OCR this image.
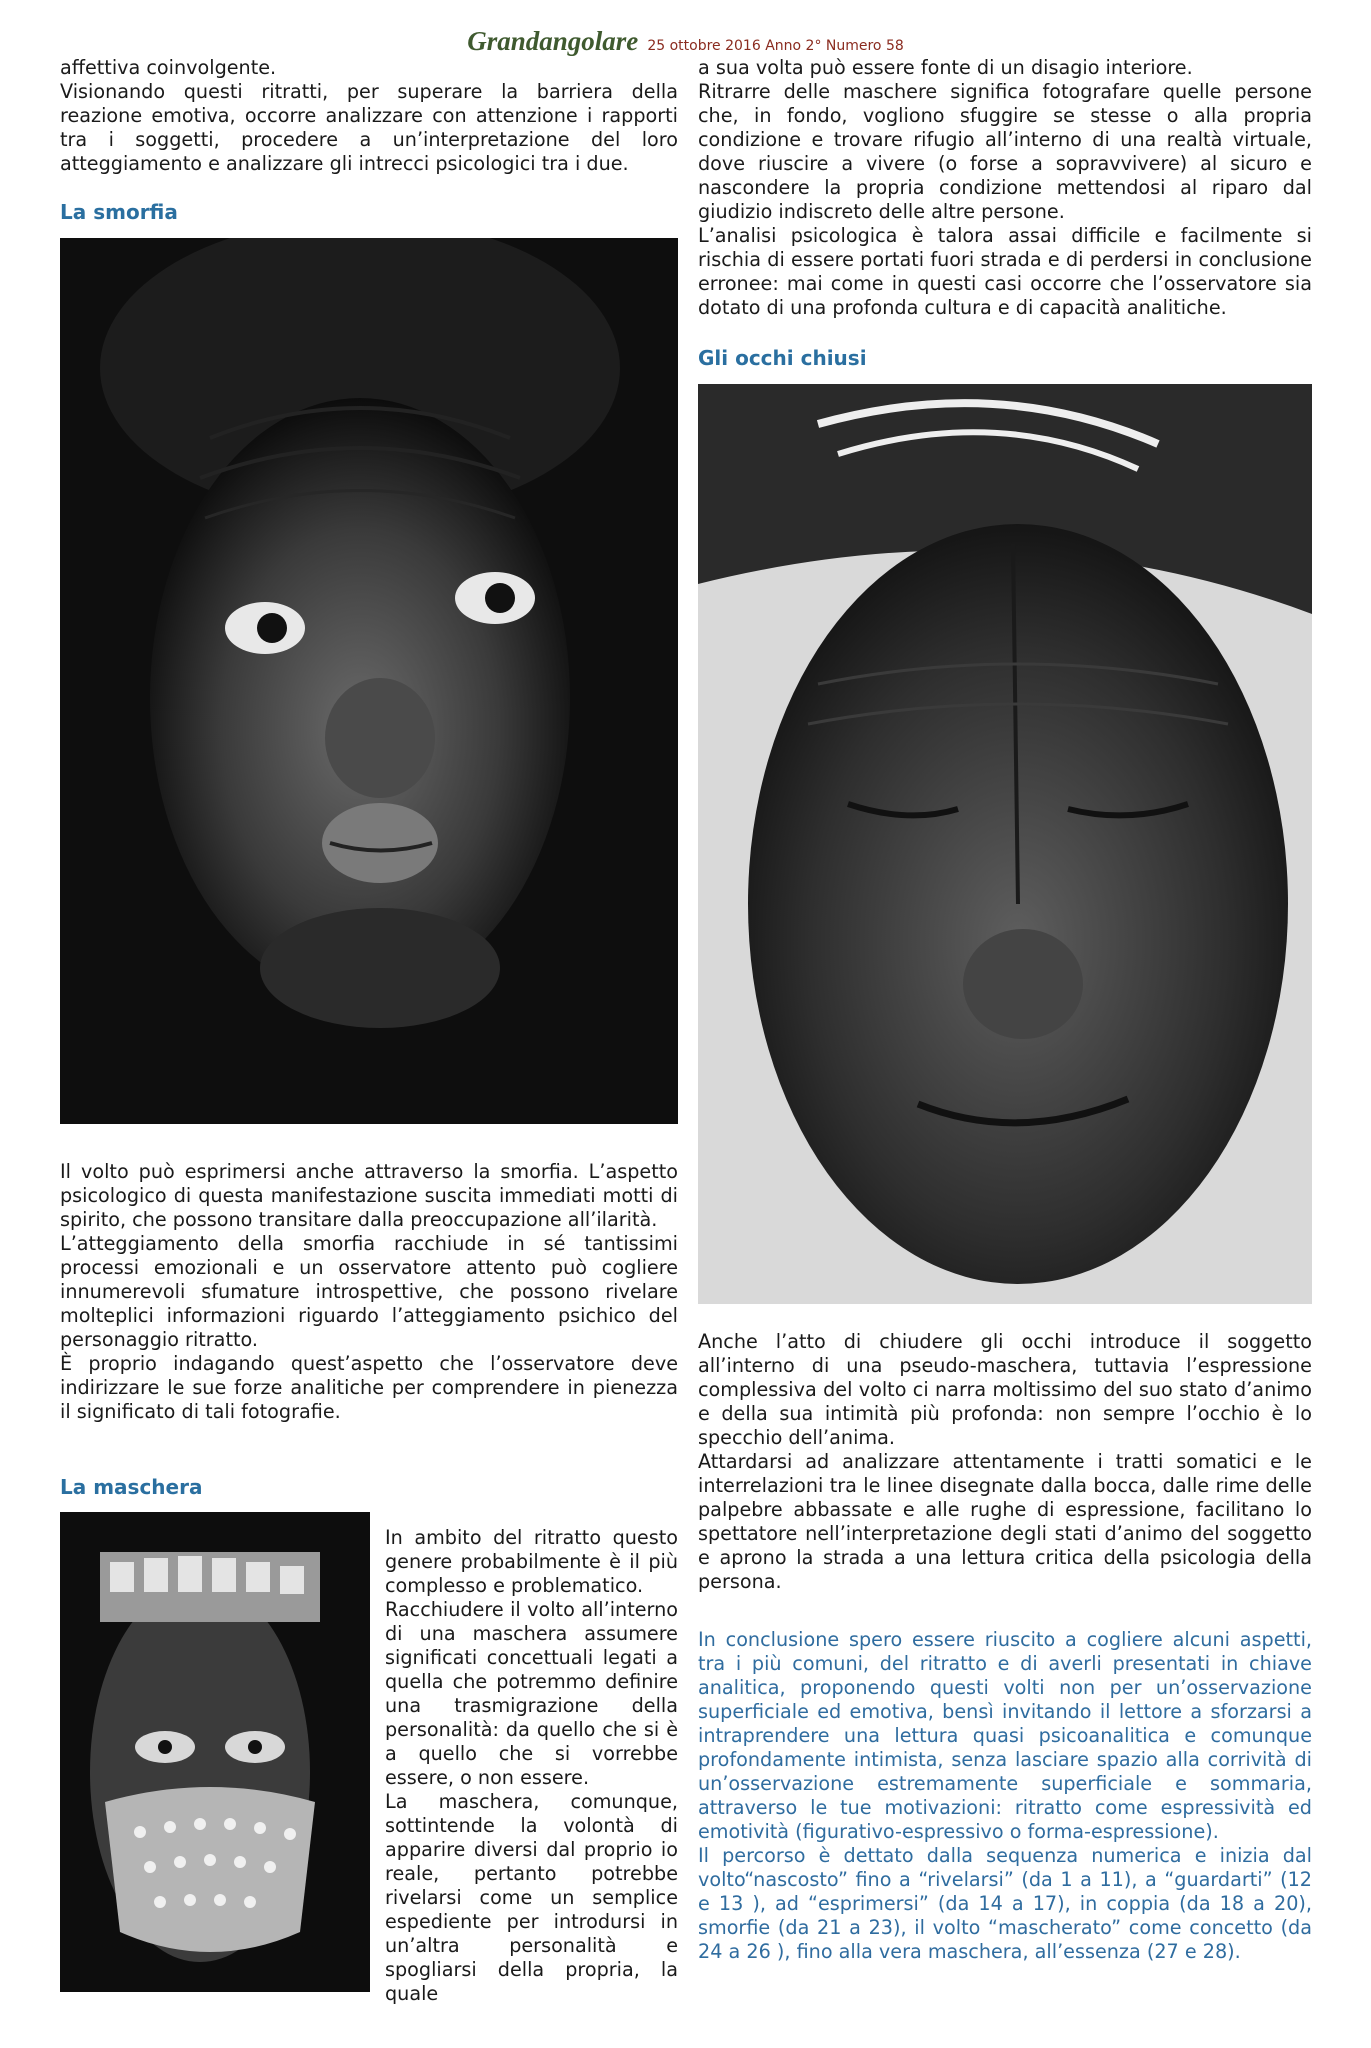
Grandangolare 25 ottobre 2016 Anno 2° Numero 58

affettiva coinvolgente.

Visionando questi ritratti, per superare la barriera della reazione emotiva, occorre analizzare con attenzione i rapporti tra i soggetti, procedere a un’interpretazione del loro atteggiamento e analizzare gli intrecci psicologici tra i due.

La smorfia

Il volto può esprimersi anche attraverso la smorfia. L’aspetto psicologico di questa manifestazione suscita immediati motti di spirito, che possono transitare dalla preoccupazione all’ilarità.

L’atteggiamento della smorfia racchiude in sé tantissimi processi emozionali e un osservatore attento può cogliere innumerevoli sfumature introspettive, che possono rivelare molteplici informazioni riguardo l’atteggiamento psichico del personaggio ritratto.

È proprio indagando quest’aspetto che l’osservatore deve indirizzare le sue forze analitiche per comprendere in pienezza il significato di tali fotografie.

La maschera

In ambito del ritratto questo genere probabilmente è il più complesso e problematico.

Racchiudere il volto all’interno di una maschera assumere significati concettuali legati a quella che potremmo definire una trasmigrazione della personalità: da quello che si è a quello che si vorrebbe essere, o non essere.

La maschera, comunque, sottintende la volontà di apparire diversi dal proprio io reale, pertanto potrebbe rivelarsi come un semplice espediente per introdursi in un’altra personalità e spogliarsi della propria, la quale

a sua volta può essere fonte di un disagio interiore.

Ritrarre delle maschere significa fotografare quelle persone che, in fondo, vogliono sfuggire se stesse o alla propria condizione e trovare rifugio all’interno di una realtà virtuale, dove riuscire a vivere (o forse a sopravvivere) al sicuro e nascondere la propria condizione mettendosi al riparo dal giudizio indiscreto delle altre persone.

L’analisi psicologica è talora assai difficile e facilmente si rischia di essere portati fuori strada e di perdersi in conclusione erronee: mai come in questi casi occorre che l’osservatore sia dotato di una profonda cultura e di capacità analitiche.

Gli occhi chiusi

Anche l’atto di chiudere gli occhi introduce il soggetto all’interno di una pseudo-maschera, tuttavia l’espressione complessiva del volto ci narra moltissimo del suo stato d’animo e della sua intimità più profonda: non sempre l’occhio è lo specchio dell’anima.

Attardarsi ad analizzare attentamente i tratti somatici e le interrelazioni tra le linee disegnate dalla bocca, dalle rime delle palpebre abbassate e alle rughe di espressione, facilitano lo spettatore nell’interpretazione degli stati d’animo del soggetto e aprono la strada a una lettura critica della psicologia della persona.

In conclusione spero essere riuscito a cogliere alcuni aspetti, tra i più comuni, del ritratto e di averli presentati in chiave analitica, proponendo questi volti non per un’osservazione superficiale ed emotiva, bensì invitando il lettore a sforzarsi a intraprendere una lettura quasi psicoanalitica e comunque profondamente intimista, senza lasciare spazio alla corrività di un’osservazione estremamente superficiale e sommaria, attraverso le tue motivazioni: ritratto come espressività ed emotività (figurativo-espressivo o forma-espressione).

Il percorso è dettato dalla sequenza numerica e inizia dal volto“nascosto” fino a “rivelarsi” (da 1 a 11), a “guardarti” (12 e 13 ), ad “esprimersi” (da 14 a 17), in coppia (da 18 a 20), smorfie (da 21 a 23), il volto “mascherato” come concetto (da 24 a 26 ), fino alla vera maschera, all’essenza (27 e 28).
